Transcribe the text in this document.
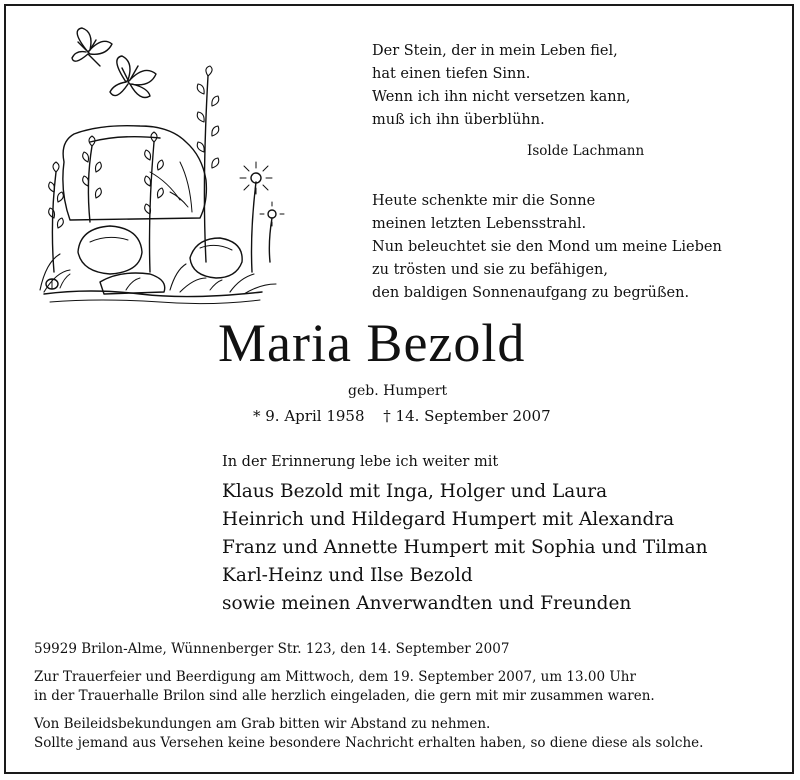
Der Stein, der in mein Leben fiel,
hat einen tiefen Sinn.
Wenn ich ihn nicht versetzen kann,
muß ich ihn überblühn.
Isolde Lachmann
Heute schenkte mir die Sonne
meinen letzten Lebensstrahl.
Nun beleuchtet sie den Mond um meine Lieben
zu trösten und sie zu befähigen,
den baldigen Sonnenaufgang zu begrüßen.
Maria Bezold
geb. Humpert
* 9. April 1958 † 14. September 2007
In der Erinnerung lebe ich weiter mit
Klaus Bezold mit Inga, Holger und Laura
Heinrich und Hildegard Humpert mit Alexandra
Franz und Annette Humpert mit Sophia und Tilman
Karl-Heinz und Ilse Bezold
sowie meinen Anverwandten und Freunden
59929 Brilon-Alme, Wünnenberger Str. 123, den 14. September 2007
Zur Trauerfeier und Beerdigung am Mittwoch, dem 19. September 2007, um 13.00 Uhr
in der Trauerhalle Brilon sind alle herzlich eingeladen, die gern mit mir zusammen waren.
Von Beileidsbekundungen am Grab bitten wir Abstand zu nehmen.
Sollte jemand aus Versehen keine besondere Nachricht erhalten haben, so diene diese als solche.
